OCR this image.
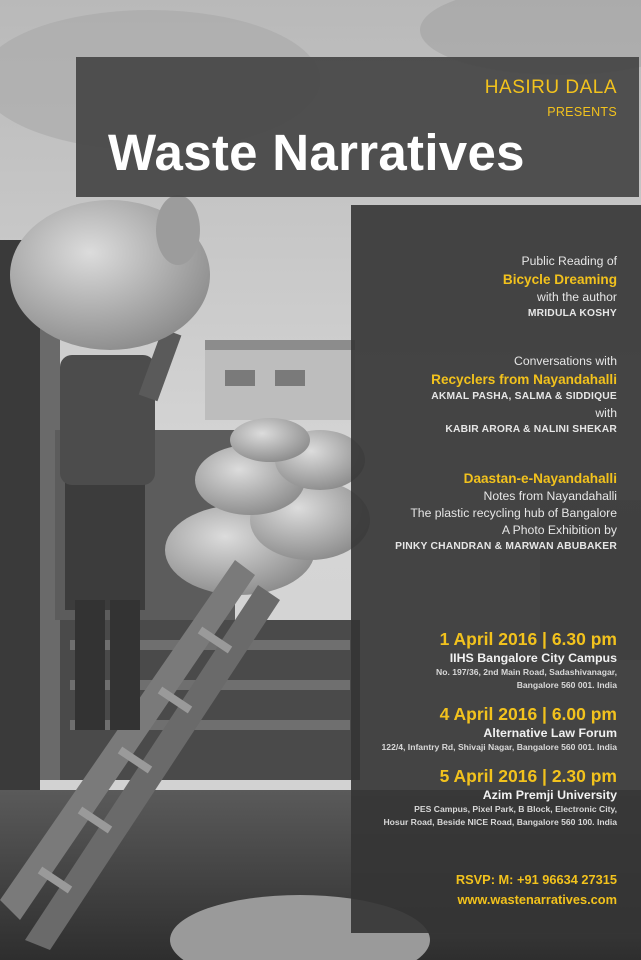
HASIRU DALA
PRESENTS
Waste Narratives
Public Reading of
Bicycle Dreaming
with the author
MRIDULA KOSHY
Conversations with
Recyclers from Nayandahalli
AKMAL PASHA, SALMA & SIDDIQUE
with
KABIR ARORA & NALINI SHEKAR
Daastan-e-Nayandahalli
Notes from Nayandahalli
The plastic recycling hub of Bangalore
A Photo Exhibition by
PINKY CHANDRAN & MARWAN ABUBAKER
1 April 2016 | 6.30 pm
IIHS Bangalore City Campus
No. 197/36, 2nd Main Road, Sadashivanagar,
Bangalore 560 001. India
4 April 2016 | 6.00 pm
Alternative Law Forum
122/4, Infantry Rd, Shivaji Nagar, Bangalore 560 001. India
5 April 2016 | 2.30 pm
Azim Premji University
PES Campus, Pixel Park, B Block, Electronic City,
Hosur Road, Beside NICE Road, Bangalore 560 100. India
RSVP: M: +91 96634 27315
www.wastenarratives.com
